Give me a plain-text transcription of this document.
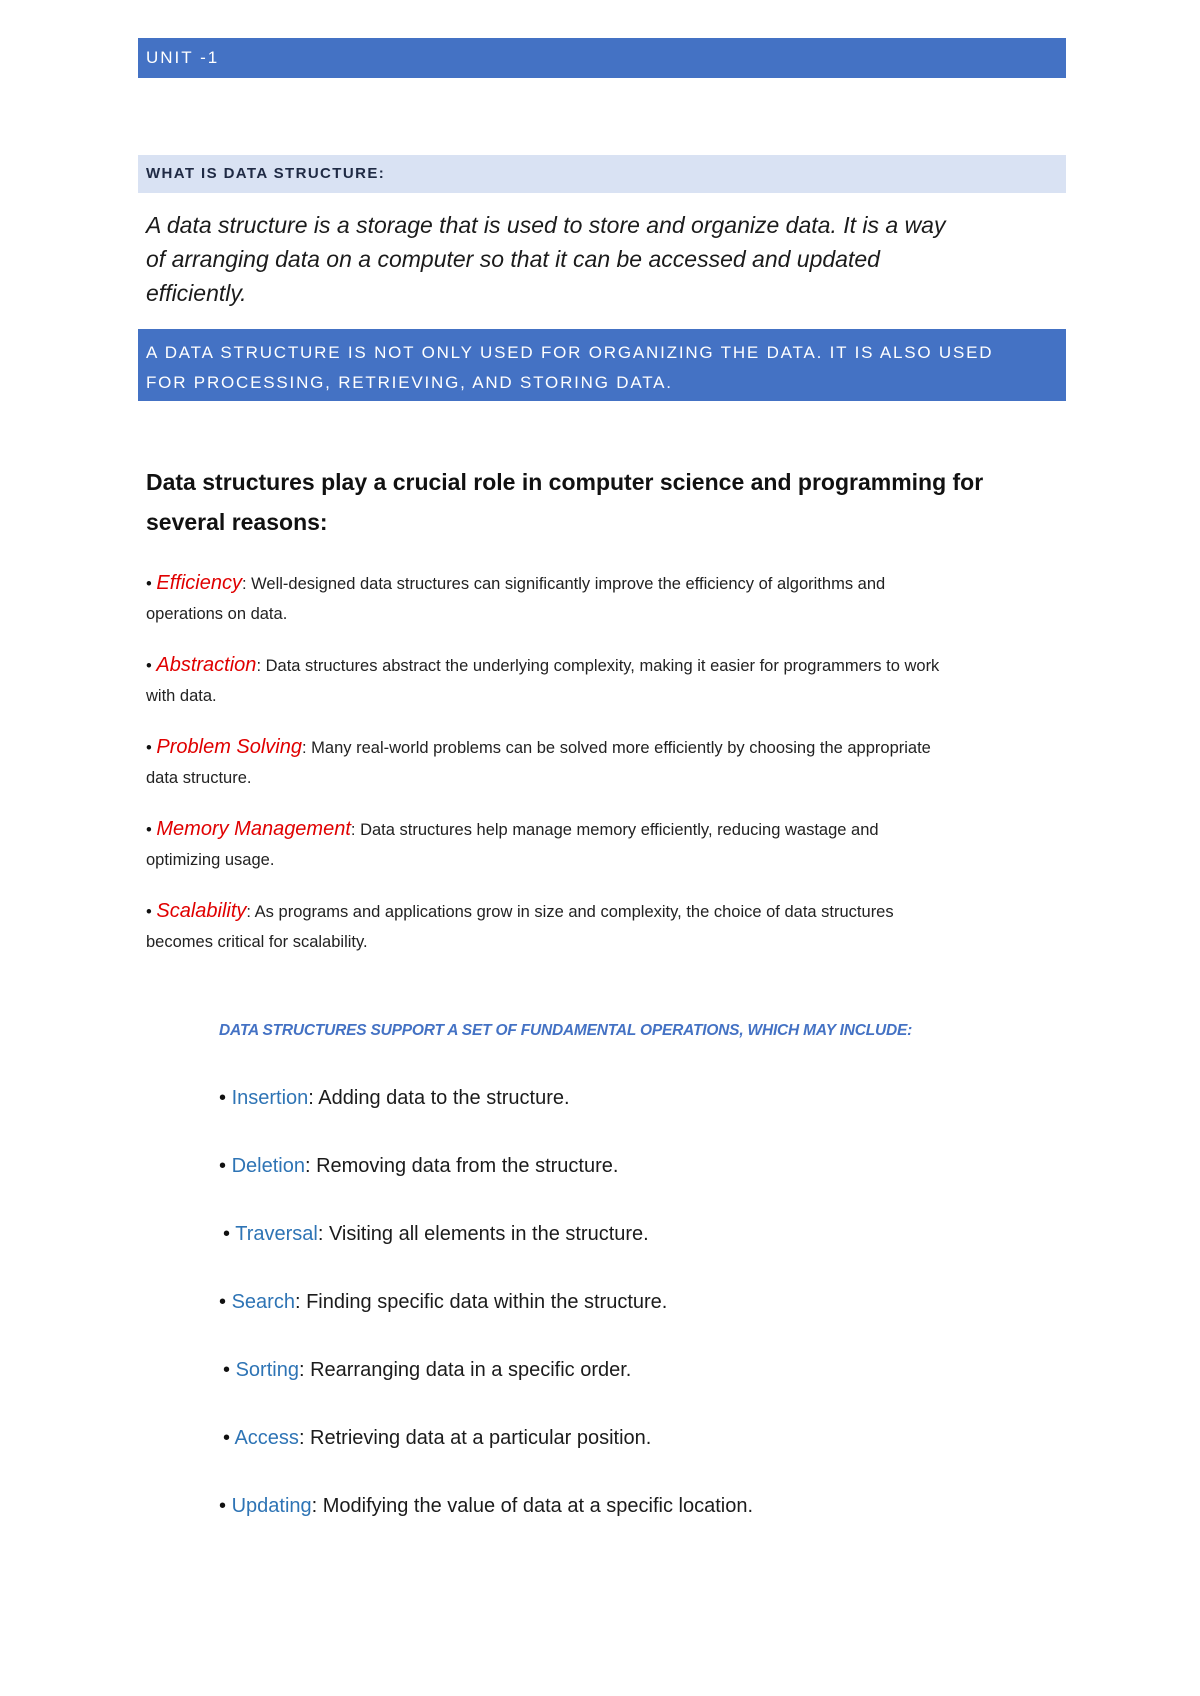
UNIT -1
WHAT IS DATA STRUCTURE:
A data structure is a storage that is used to store and organize data. It is a way
of arranging data on a computer so that it can be accessed and updated
efficiently.
A DATA STRUCTURE IS NOT ONLY USED FOR ORGANIZING THE DATA. IT IS ALSO USED
FOR PROCESSING, RETRIEVING, AND STORING DATA.
Data structures play a crucial role in computer science and programming for
several reasons:
• Efficiency: Well-designed data structures can significantly improve the efficiency of algorithms and
operations on data.
• Abstraction: Data structures abstract the underlying complexity, making it easier for programmers to work
with data.
• Problem Solving: Many real-world problems can be solved more efficiently by choosing the appropriate
data structure.
• Memory Management: Data structures help manage memory efficiently, reducing wastage and
optimizing usage.
• Scalability: As programs and applications grow in size and complexity, the choice of data structures
becomes critical for scalability.
DATA STRUCTURES SUPPORT A SET OF FUNDAMENTAL OPERATIONS, WHICH MAY INCLUDE:
• Insertion: Adding data to the structure.
• Deletion: Removing data from the structure.
• Traversal: Visiting all elements in the structure.
• Search: Finding specific data within the structure.
• Sorting: Rearranging data in a specific order.
• Access: Retrieving data at a particular position.
• Updating: Modifying the value of data at a specific location.
